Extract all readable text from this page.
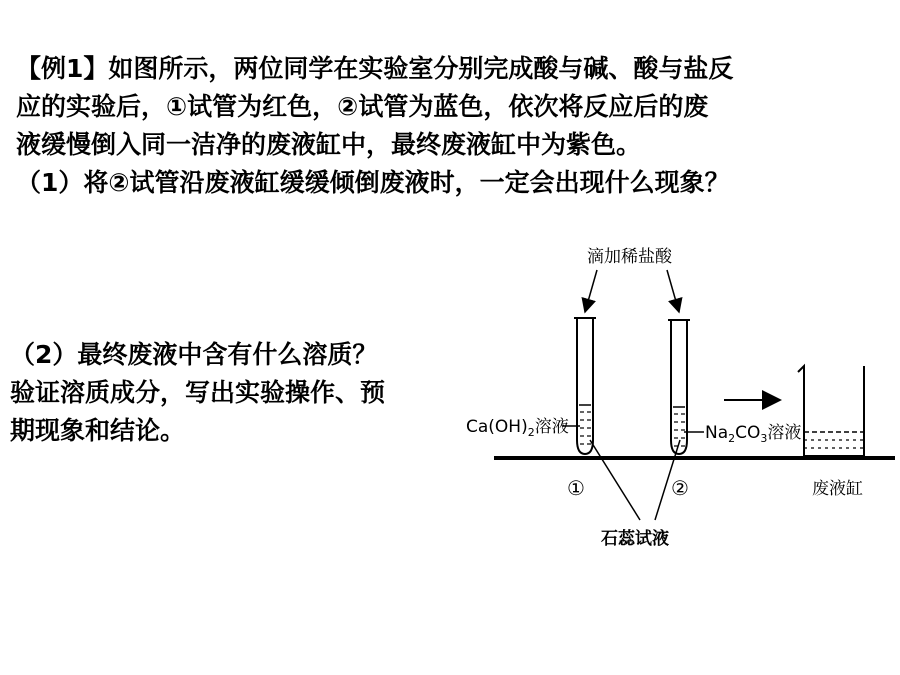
【例1】如图所示，两位同学在实验室分别完成酸与碱、酸与盐反
应的实验后，①试管为红色，②试管为蓝色，依次将反应后的废
液缓慢倒入同一洁净的废液缸中，最终废液缸中为紫色。
（1）将②试管沿废液缸缓缓倾倒废液时，一定会出现什么现象？
（2）最终废液中含有什么溶质？
验证溶质成分，写出实验操作、预
期现象和结论。
滴加稀盐酸
$Ca(OH)_2$溶液	$Na_2CO_3$溶液
①	②	废液缸
石蕊试液
